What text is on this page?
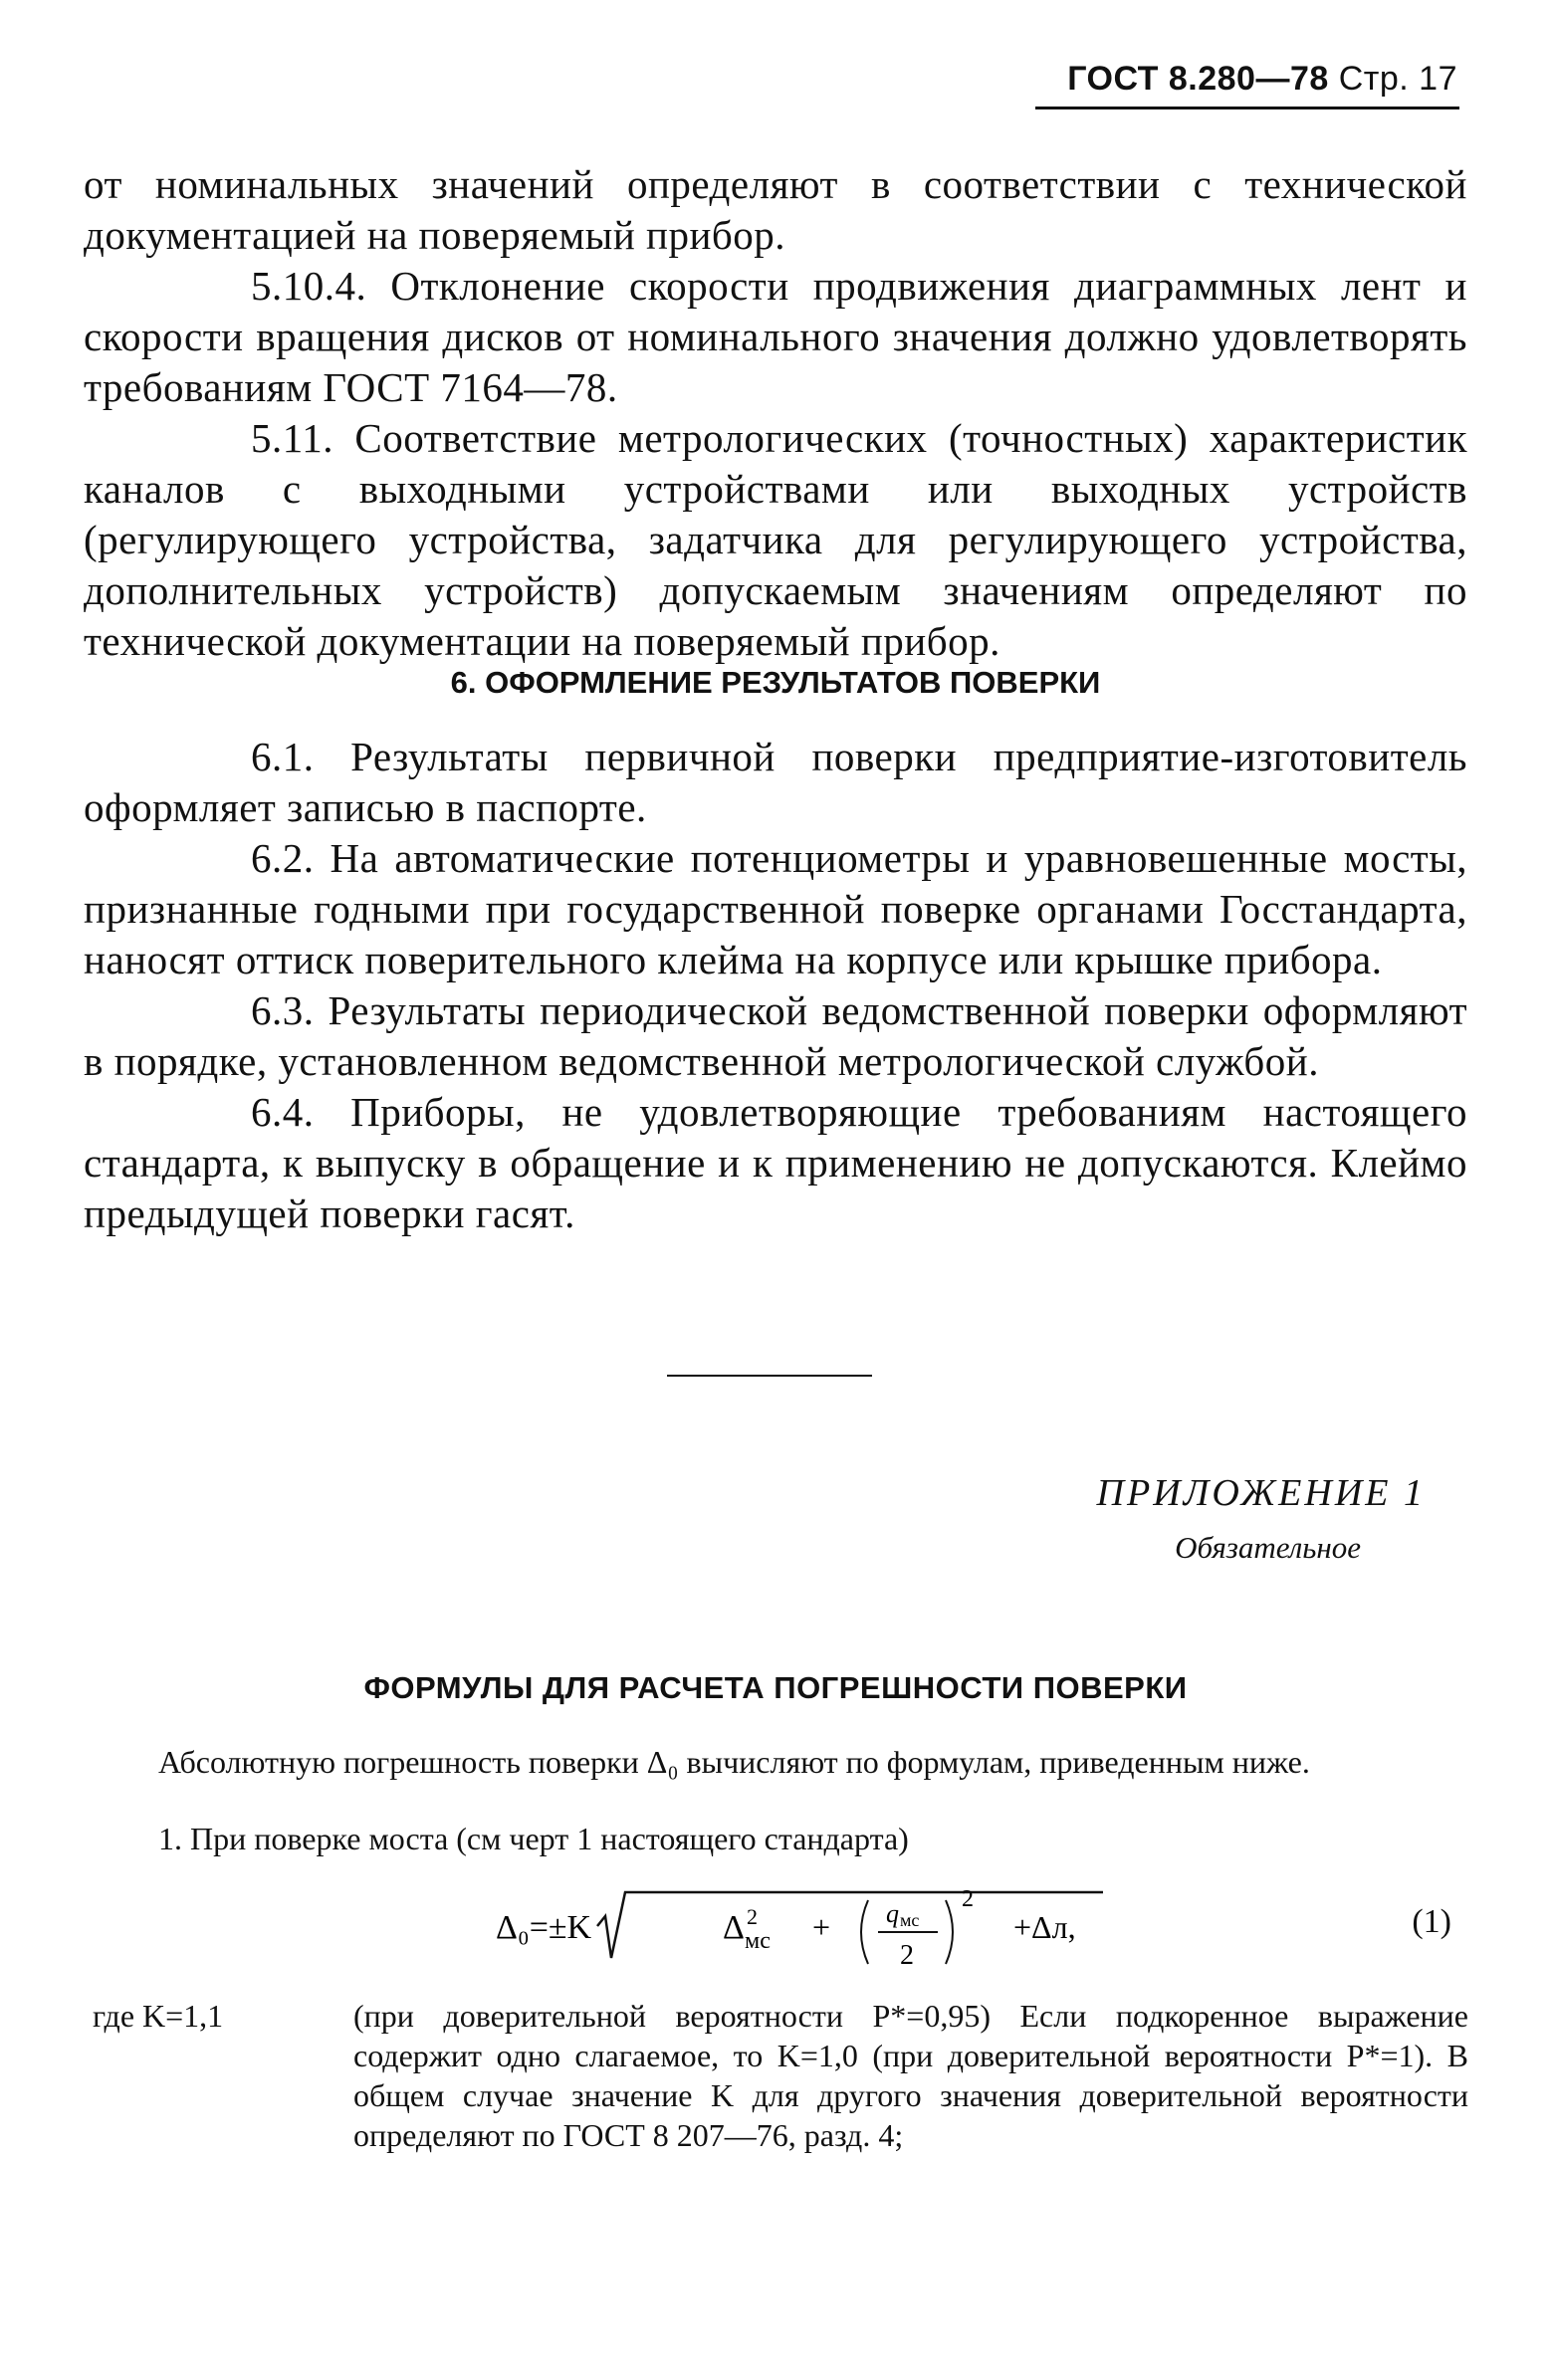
ГОСТ 8.280—78 Стр. 17

от номинальных значений определяют в соответствии с технической документацией на поверяемый прибор.

5.10.4. Отклонение скорости продвижения диаграммных лент и скорости вращения дисков от номинального значения должно удовлетворять требованиям ГОСТ 7164—78.

5.11. Соответствие метрологических (точностных) характеристик каналов с выходными устройствами или выходных устройств (регулирующего устройства, задатчика для регулирующего устройства, дополнительных устройств) допускаемым значениям определяют по технической документации на поверяемый прибор.

6. ОФОРМЛЕНИЕ РЕЗУЛЬТАТОВ ПОВЕРКИ

6.1. Результаты первичной поверки предприятие-изготовитель оформляет записью в паспорте.

6.2. На автоматические потенциометры и уравновешенные мосты, признанные годными при государственной поверке органами Госстандарта, наносят оттиск поверительного клейма на корпусе или крышке прибора.

6.3. Результаты периодической ведомственной поверки оформляют в порядке, установленном ведомственной метрологической службой.

6.4. Приборы, не удовлетворяющие требованиям настоящего стандарта, к выпуску в обращение и к применению не допускаются. Клеймо предыдущей поверки гасят.

ПРИЛОЖЕНИЕ 1
Обязательное
ФОРМУЛЫ ДЛЯ РАСЧЕТА ПОГРЕШНОСТИ ПОВЕРКИ

Абсолютную погрешность поверки Δ₀ вычисляют по формулам, приведенным ниже.

1. При поверке моста (см черт 1 настоящего стандарта)
Δ₀=±K	Δ 2
мс + q мс
2
2
+Δл,	(1)
где K=1,1	(при доверительной вероятности P*=0,95) Если подкоренное выражение содержит одно слагаемое, то K=1,0 (при доверительной вероятности P*=1). В общем случае значение K для другого значения доверительной вероятности определяют по ГОСТ 8 207—76, разд. 4;
